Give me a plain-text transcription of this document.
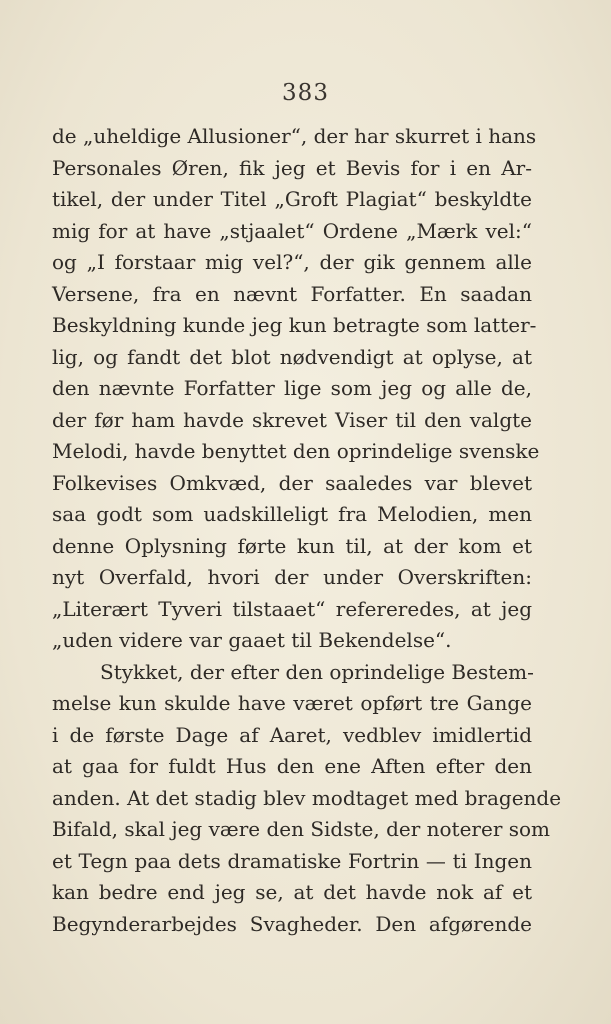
383
de „uheldige Allusioner“, der har skurret i hans
Personales Øren, fik jeg et Bevis for i en Ar-
tikel, der under Titel „Groft Plagiat“ beskyldte
mig for at have „stjaalet“ Ordene „Mærk vel:“
og „I forstaar mig vel?“, der gik gennem alle
Versene, fra en nævnt Forfatter. En saadan
Beskyldning kunde jeg kun betragte som latter-
lig, og fandt det blot nødvendigt at oplyse, at
den nævnte Forfatter lige som jeg og alle de,
der før ham havde skrevet Viser til den valgte
Melodi, havde benyttet den oprindelige svenske
Folkevises Omkvæd, der saaledes var blevet
saa godt som uadskilleligt fra Melodien, men
denne Oplysning førte kun til, at der kom et
nyt Overfald, hvori der under Overskriften:
„Literært Tyveri tilstaaet“ refereredes, at jeg
„uden videre var gaaet til Bekendelse“.
Stykket, der efter den oprindelige Bestem-
melse kun skulde have været opført tre Gange
i de første Dage af Aaret, vedblev imidlertid
at gaa for fuldt Hus den ene Aften efter den
anden. At det stadig blev modtaget med bragende
Bifald, skal jeg være den Sidste, der noterer som
et Tegn paa dets dramatiske Fortrin — ti Ingen
kan bedre end jeg se, at det havde nok af et
Begynderarbejdes Svagheder. Den afgørende
